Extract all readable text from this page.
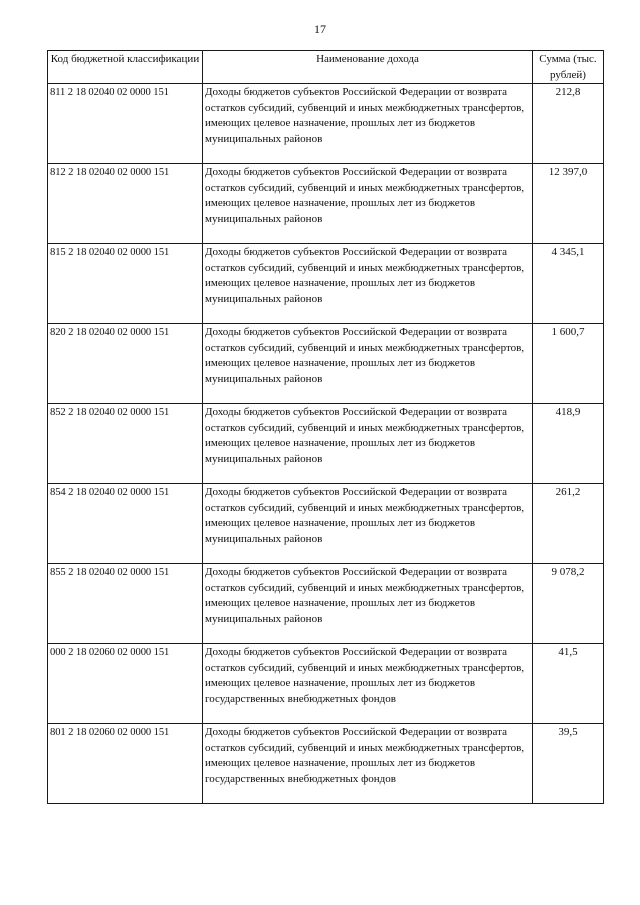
17
Код бюджетной классификации	Наименование дохода	Сумма (тыс. рублей)
811 2 18 02040 02 0000 151	Доходы бюджетов субъектов Российской Федерации от возврата остатков субсидий, субвенций и иных межбюджетных трансфертов, имеющих целевое назначение, прошлых лет из бюджетов муниципальных районов	212,8
812 2 18 02040 02 0000 151	Доходы бюджетов субъектов Российской Федерации от возврата остатков субсидий, субвенций и иных межбюджетных трансфертов, имеющих целевое назначение, прошлых лет из бюджетов муниципальных районов	12 397,0
815 2 18 02040 02 0000 151	Доходы бюджетов субъектов Российской Федерации от возврата остатков субсидий, субвенций и иных межбюджетных трансфертов, имеющих целевое назначение, прошлых лет из бюджетов муниципальных районов	4 345,1
820 2 18 02040 02 0000 151	Доходы бюджетов субъектов Российской Федерации от возврата остатков субсидий, субвенций и иных межбюджетных трансфертов, имеющих целевое назначение, прошлых лет из бюджетов муниципальных районов	1 600,7
852 2 18 02040 02 0000 151	Доходы бюджетов субъектов Российской Федерации от возврата остатков субсидий, субвенций и иных межбюджетных трансфертов, имеющих целевое назначение, прошлых лет из бюджетов муниципальных районов	418,9
854 2 18 02040 02 0000 151	Доходы бюджетов субъектов Российской Федерации от возврата остатков субсидий, субвенций и иных межбюджетных трансфертов, имеющих целевое назначение, прошлых лет из бюджетов муниципальных районов	261,2
855 2 18 02040 02 0000 151	Доходы бюджетов субъектов Российской Федерации от возврата остатков субсидий, субвенций и иных межбюджетных трансфертов, имеющих целевое назначение, прошлых лет из бюджетов муниципальных районов	9 078,2
000 2 18 02060 02 0000 151	Доходы бюджетов субъектов Российской Федерации от возврата остатков субсидий, субвенций и иных межбюджетных трансфертов, имеющих целевое назначение, прошлых лет из бюджетов государственных внебюджетных фондов	41,5
801 2 18 02060 02 0000 151	Доходы бюджетов субъектов Российской Федерации от возврата остатков субсидий, субвенций и иных межбюджетных трансфертов, имеющих целевое назначение, прошлых лет из бюджетов государственных внебюджетных фондов	39,5
